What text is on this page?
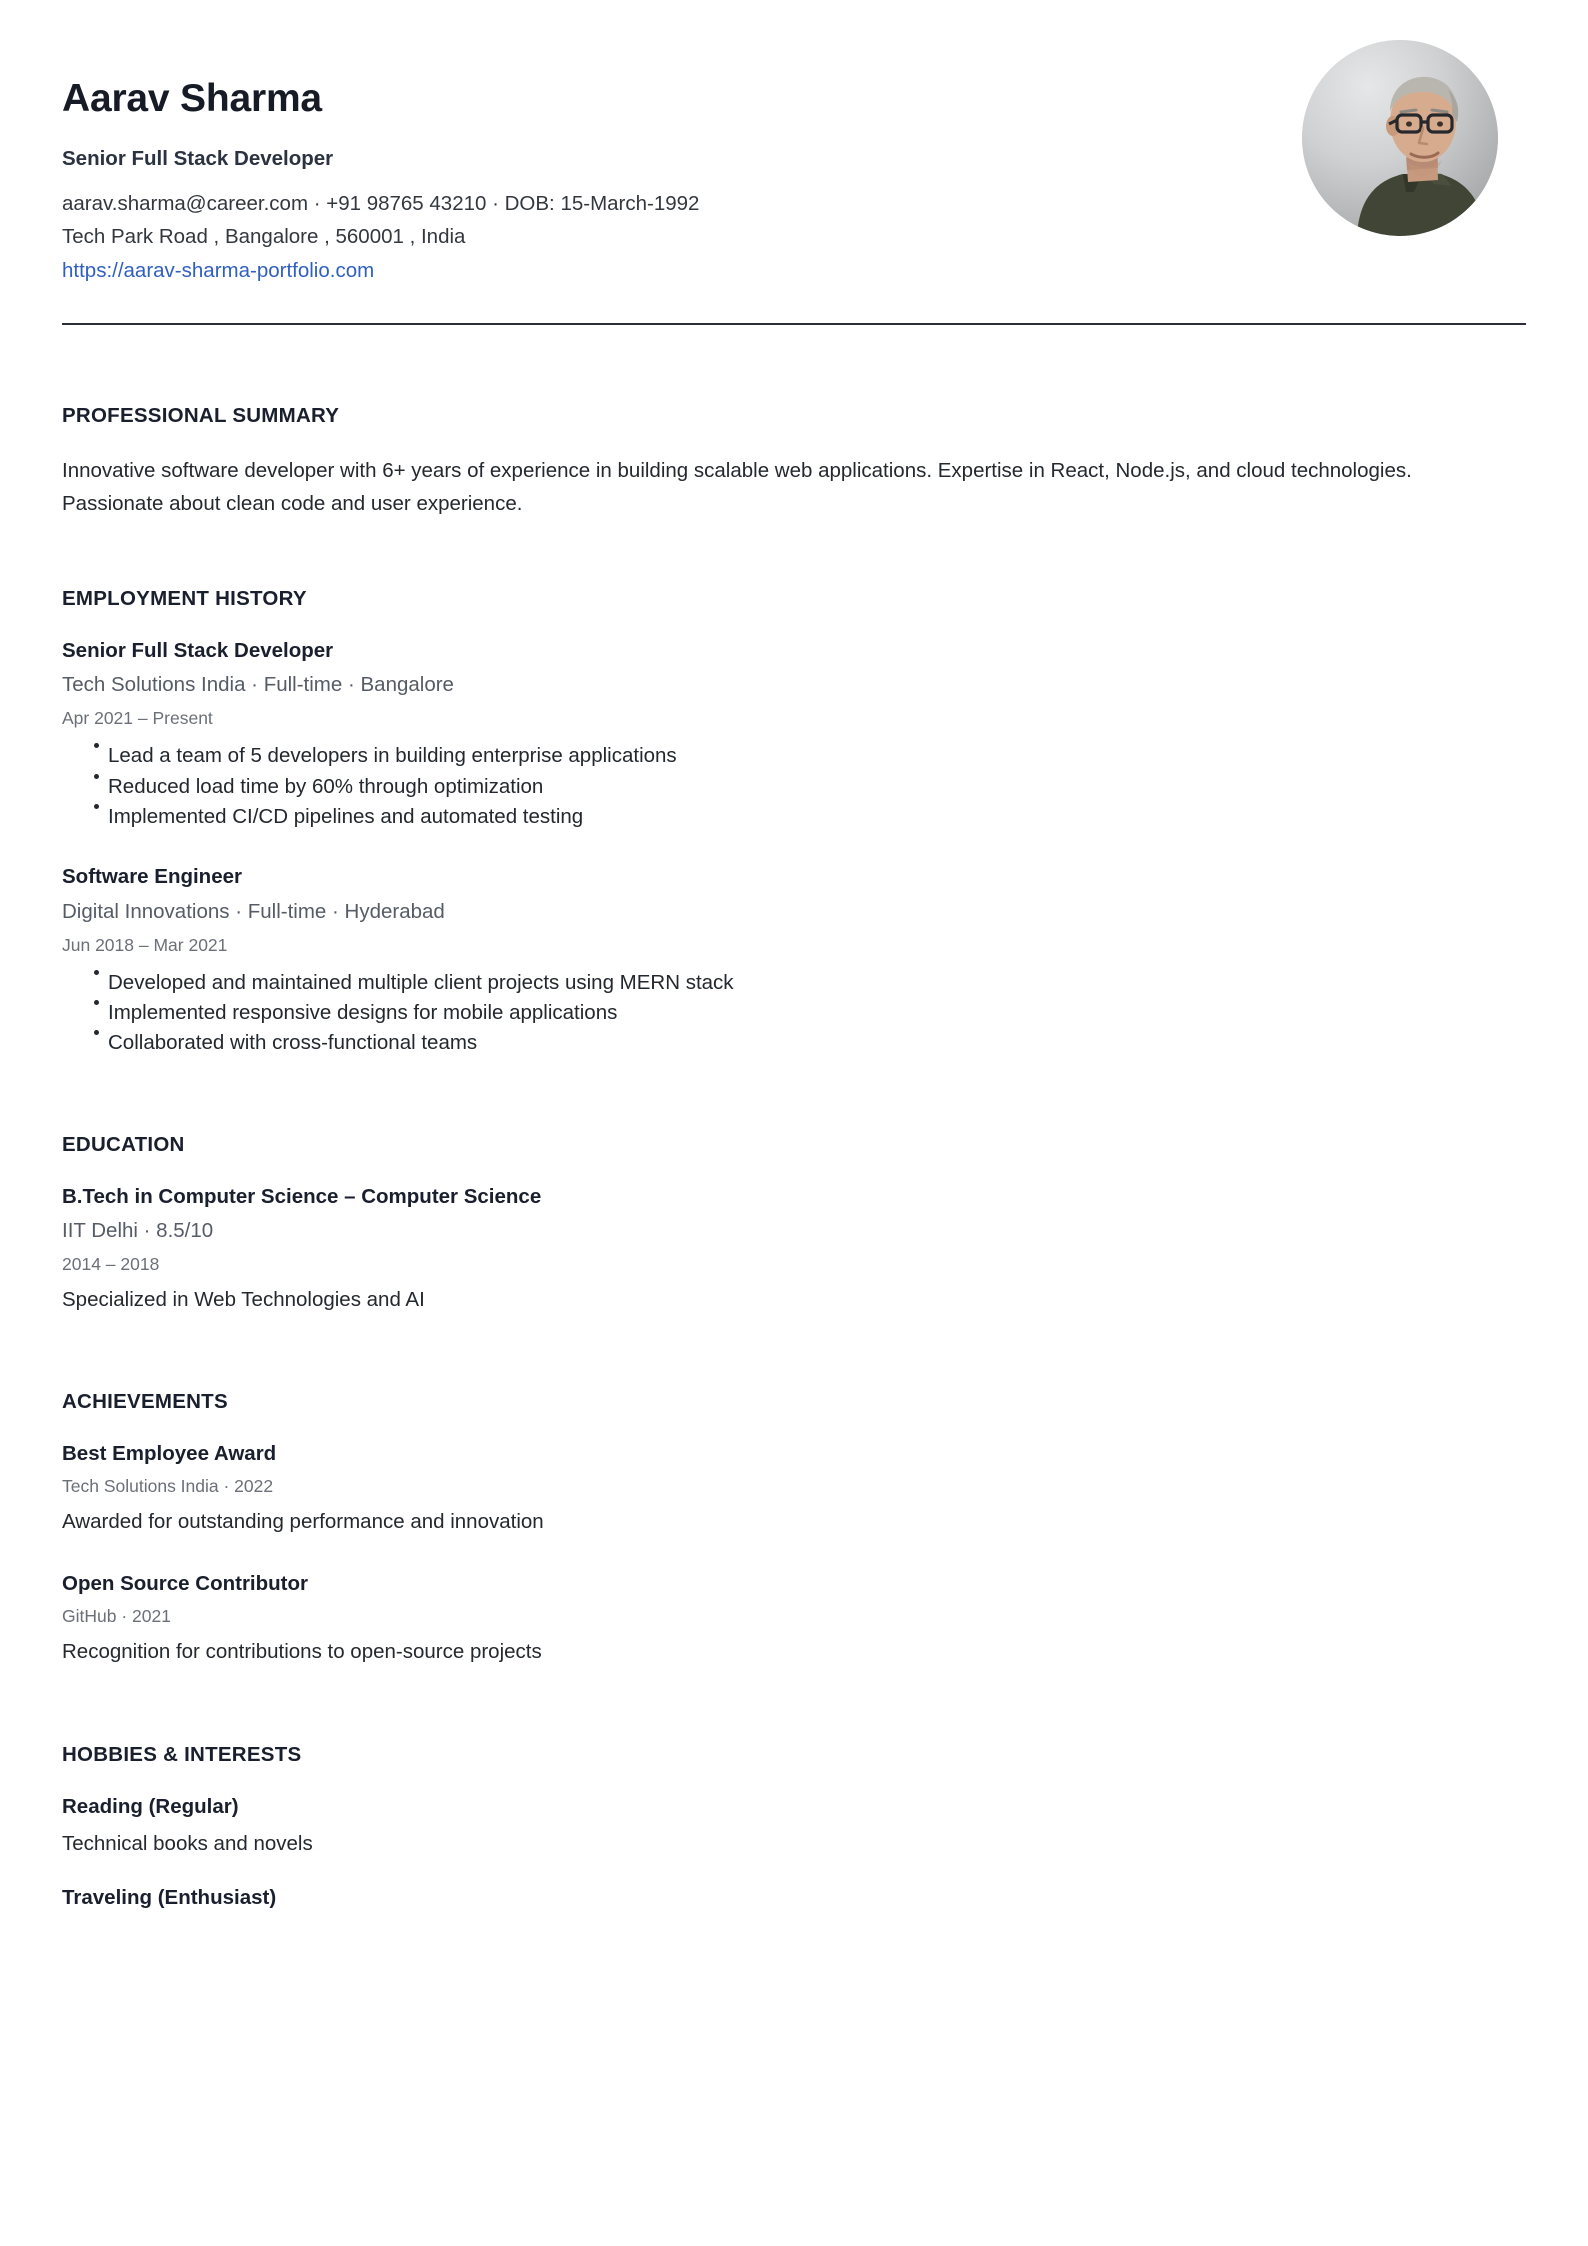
Aarav Sharma
Senior Full Stack Developer
aarav.sharma@career.com · +91 98765 43210 · DOB: 15-March-1992
Tech Park Road , Bangalore , 560001 , India
https://aarav-sharma-portfolio.com
PROFESSIONAL SUMMARY
Innovative software developer with 6+ years of experience in building scalable web applications. Expertise in React, Node.js, and cloud technologies. Passionate about clean code and user experience.
EMPLOYMENT HISTORY
Senior Full Stack Developer
Tech Solutions India · Full-time · Bangalore
Apr 2021 – Present
Lead a team of 5 developers in building enterprise applications
Reduced load time by 60% through optimization
Implemented CI/CD pipelines and automated testing
Software Engineer
Digital Innovations · Full-time · Hyderabad
Jun 2018 – Mar 2021
Developed and maintained multiple client projects using MERN stack
Implemented responsive designs for mobile applications
Collaborated with cross-functional teams
EDUCATION
B.Tech in Computer Science – Computer Science
IIT Delhi · 8.5/10
2014 – 2018
Specialized in Web Technologies and AI
ACHIEVEMENTS
Best Employee Award
Tech Solutions India · 2022
Awarded for outstanding performance and innovation
Open Source Contributor
GitHub · 2021
Recognition for contributions to open-source projects
HOBBIES & INTERESTS
Reading (Regular)
Technical books and novels
Traveling (Enthusiast)
